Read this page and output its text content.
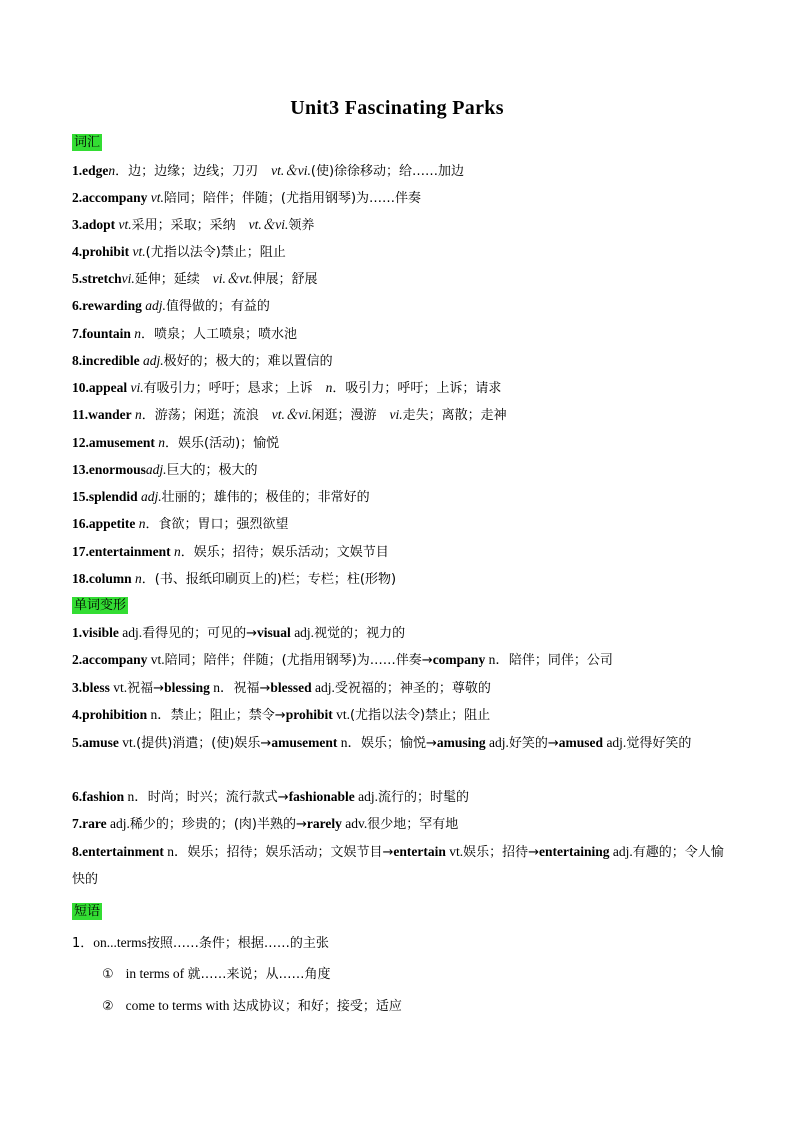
Unit3 Fascinating Parks
词汇
1.edgen．边；边缘；边线；刀刃　vt.＆vi.(使)徐徐移动；给……加边
2.accompany vt.陪同；陪伴；伴随；(尤指用钢琴)为……伴奏
3.adopt vt.采用；采取；采纳　vt.＆vi.领养
4.prohibit vt.(尤指以法令)禁止；阻止
5.stretchvi.延伸；延续　vi.＆vt.伸展；舒展
6.rewarding adj.值得做的；有益的
7.fountain n．喷泉；人工喷泉；喷水池
8.incredible adj.极好的；极大的；难以置信的
10.appeal vi.有吸引力；呼吁；恳求；上诉　n．吸引力；呼吁；上诉；请求
11.wander n．游荡；闲逛；流浪　vt.＆vi.闲逛；漫游　vi.走失；离散；走神
12.amusement n．娱乐(活动)；愉悦
13.enormousadj.巨大的；极大的
15.splendid adj.壮丽的；雄伟的；极佳的；非常好的
16.appetite n．食欲；胃口；强烈欲望
17.entertainment n．娱乐；招待；娱乐活动；文娱节目
18.column n．(书、报纸印刷页上的)栏；专栏；柱(形物)
单词变形
1.visible adj.看得见的；可见的→visual adj.视觉的；视力的
2.accompany vt.陪同；陪伴；伴随；(尤指用钢琴)为……伴奏→company n．陪伴；同伴；公司
3.bless vt.祝福→blessing n．祝福→blessed adj.受祝福的；神圣的；尊敬的
4.prohibition n．禁止；阻止；禁令→prohibit vt.(尤指以法令)禁止；阻止
5.amuse vt.(提供)消遣；(使)娱乐→amusement n．娱乐；愉悦→amusing adj.好笑的→amused adj.觉得好笑的
6.fashion n．时尚；时兴；流行款式→fashionable adj.流行的；时髦的
7.rare adj.稀少的；珍贵的；(肉)半熟的→rarely adv.很少地；罕有地
8.entertainment n．娱乐；招待；娱乐活动；文娱节目→entertain vt.娱乐；招待→entertaining adj.有趣的；令人愉快的
短语
1．on...terms按照……条件；根据……的主张
① in terms of 就……来说；从……角度
② come to terms with 达成协议；和好；接受；适应
